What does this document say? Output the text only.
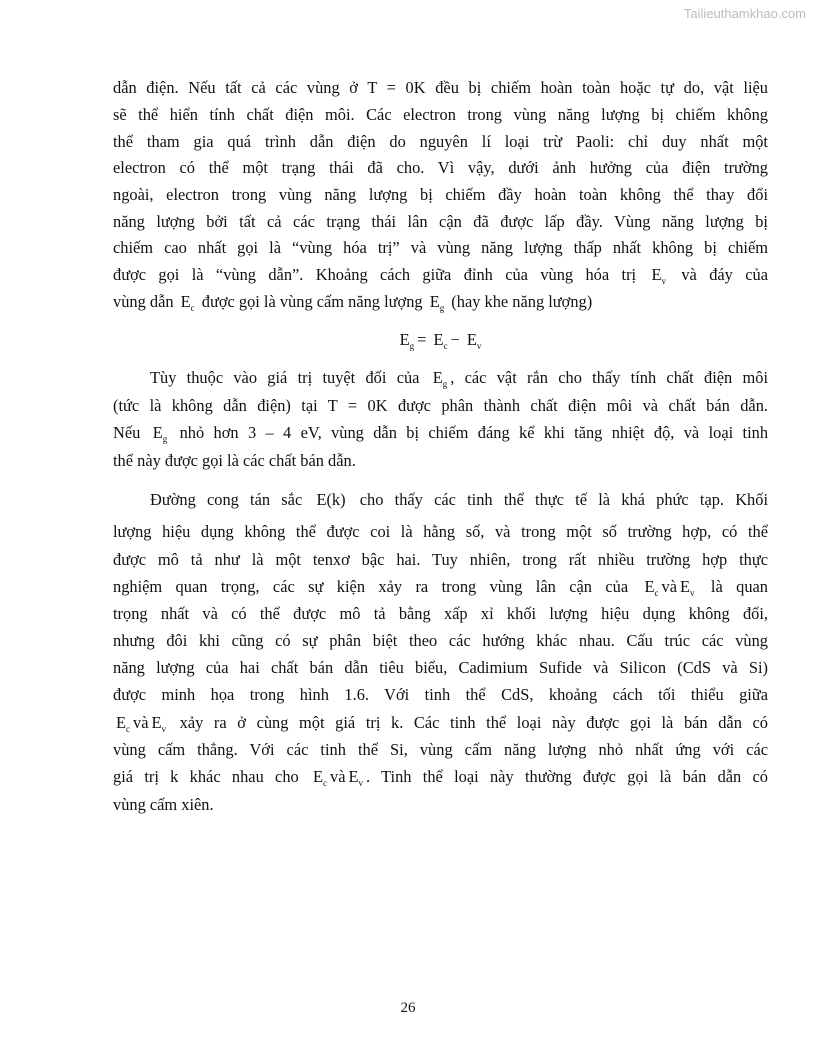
Tailieuthamkhao.com
dẫn điện. Nếu tất cả các vùng ở T = 0K đều bị chiếm hoàn toàn hoặc tự do, vật liệu
sẽ thể hiển tính chất điện môi. Các electron trong vùng năng lượng bị chiếm không
thể tham gia quá trình dẫn điện do nguyên lí loại trừ Paoli: chỉ duy nhất một
electron có thể một trạng thái đã cho. Vì vậy, dưới ảnh hưởng của điện trường
ngoài, electron trong vùng năng lượng bị chiếm đầy hoàn toàn không thể thay đổi
năng lượng bởi tất cả các trạng thái lân cận đã được lấp đầy. Vùng năng lượng bị
chiếm cao nhất gọi là “vùng hóa trị” và vùng năng lượng thấp nhất không bị chiếm
được gọi là “vùng dẫn”. Khoảng cách giữa đỉnh của vùng hóa trị $E_v$ và đáy của
vùng dẫn $E_c$ được gọi là vùng cấm năng lượng $E_g$ (hay khe năng lượng)
$E_g = E_c - E_v$
Tùy thuộc vào giá trị tuyệt đối của $E_g$ , các vật rắn cho thấy tính chất điện môi
(tức là không dẫn điện) tại T = 0K được phân thành chất điện môi và chất bán dẫn.
Nếu $E_g$ nhỏ hơn 3 – 4 eV, vùng dẫn bị chiếm đáng kể khi tăng nhiệt độ, và loại tinh
thể này được gọi là các chất bán dẫn.
Đường cong tán sắc E(k) cho thấy các tinh thể thực tế là khá phức tạp. Khối
lượng hiệu dụng không thể được coi là hằng số, và trong một số trường hợp, có thể
được mô tả như là một tenxơ bậc hai. Tuy nhiên, trong rất nhiều trường hợp thực
nghiệm quan trọng, các sự kiện xảy ra trong vùng lân cận của $E_c$ và $E_v$ là quan
trọng nhất và có thể được mô tả bằng xấp xỉ khối lượng hiệu dụng không đổi,
nhưng đôi khi cũng có sự phân biệt theo các hướng khác nhau. Cấu trúc các vùng
năng lượng của hai chất bán dẫn tiêu biểu, Cadimium Sufide và Silicon (CdS và Si)
được minh họa trong hình 1.6. Với tinh thể CdS, khoảng cách tối thiểu giữa
$E_c$ và $E_v$ xảy ra ở cùng một giá trị k. Các tinh thể loại này được gọi là bán dẫn có
vùng cấm thẳng. Với các tinh thể Si, vùng cấm năng lượng nhỏ nhất ứng với các
giá trị k khác nhau cho $E_c$ và $E_v$ . Tinh thể loại này thường được gọi là bán dẫn có
vùng cấm xiên.
26
